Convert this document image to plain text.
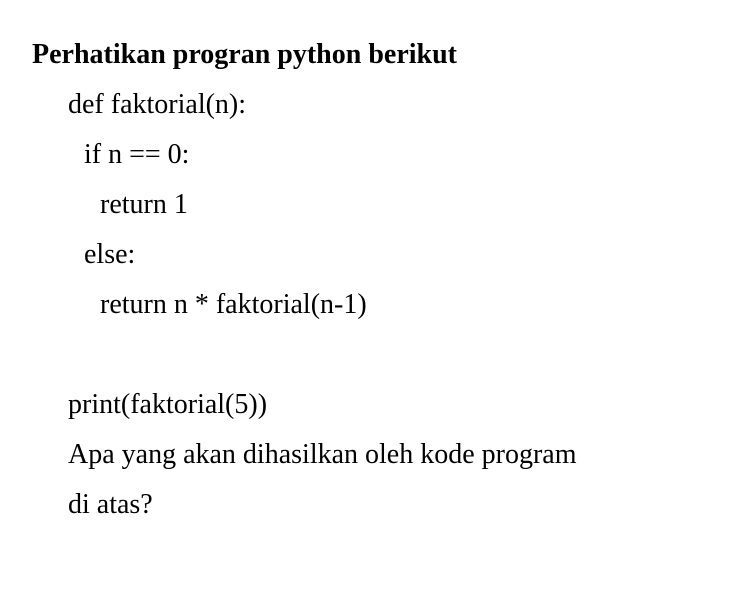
Perhatikan progran python berikut
def faktorial(n):
if n == 0:
return 1
else:
return n * faktorial(n-1)
print(faktorial(5))
Apa yang akan dihasilkan oleh kode program
di atas?
